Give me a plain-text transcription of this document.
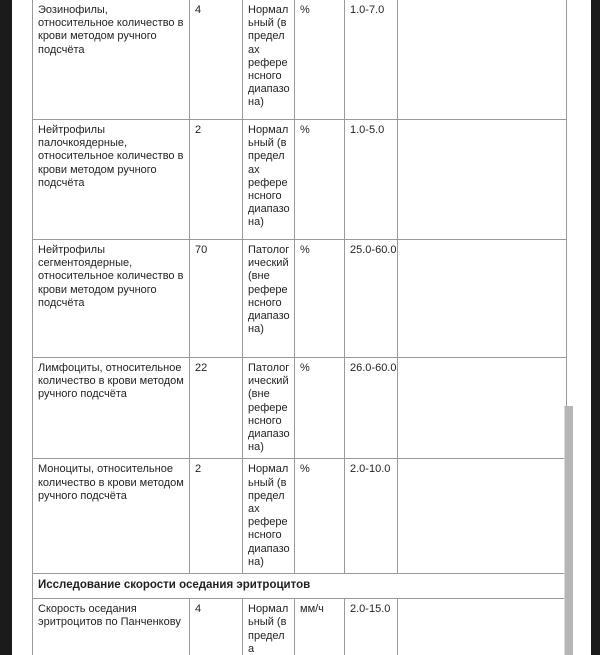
Эозинофилы, относительное количество в крови методом ручного подсчёта	4	Нормальный (в пределах референсного диапазона)	%	1.0-7.0	
Нейтрофилы палочкоядерные, относительное количество в крови методом ручного подсчёта	2	Нормальный (в пределах референсного диапазона)	%	1.0-5.0	
Нейтрофилы сегментоядерные, относительное количество в крови методом ручного подсчёта	70	Патологический (вне референсного диапазона)	%	25.0-60.0	
Лимфоциты, относительное количество в крови методом ручного подсчёта	22	Патологический (вне референсного диапазона)	%	26.0-60.0	
Моноциты, относительное количество в крови методом ручного подсчёта	2	Нормальный (в пределах референсного диапазона)	%	2.0-10.0	
Исследование скорости оседания эритроцитов					
Скорость оседания эритроцитов по Панченкову	4	Нормальный (в предела	мм/ч	2.0-15.0	
